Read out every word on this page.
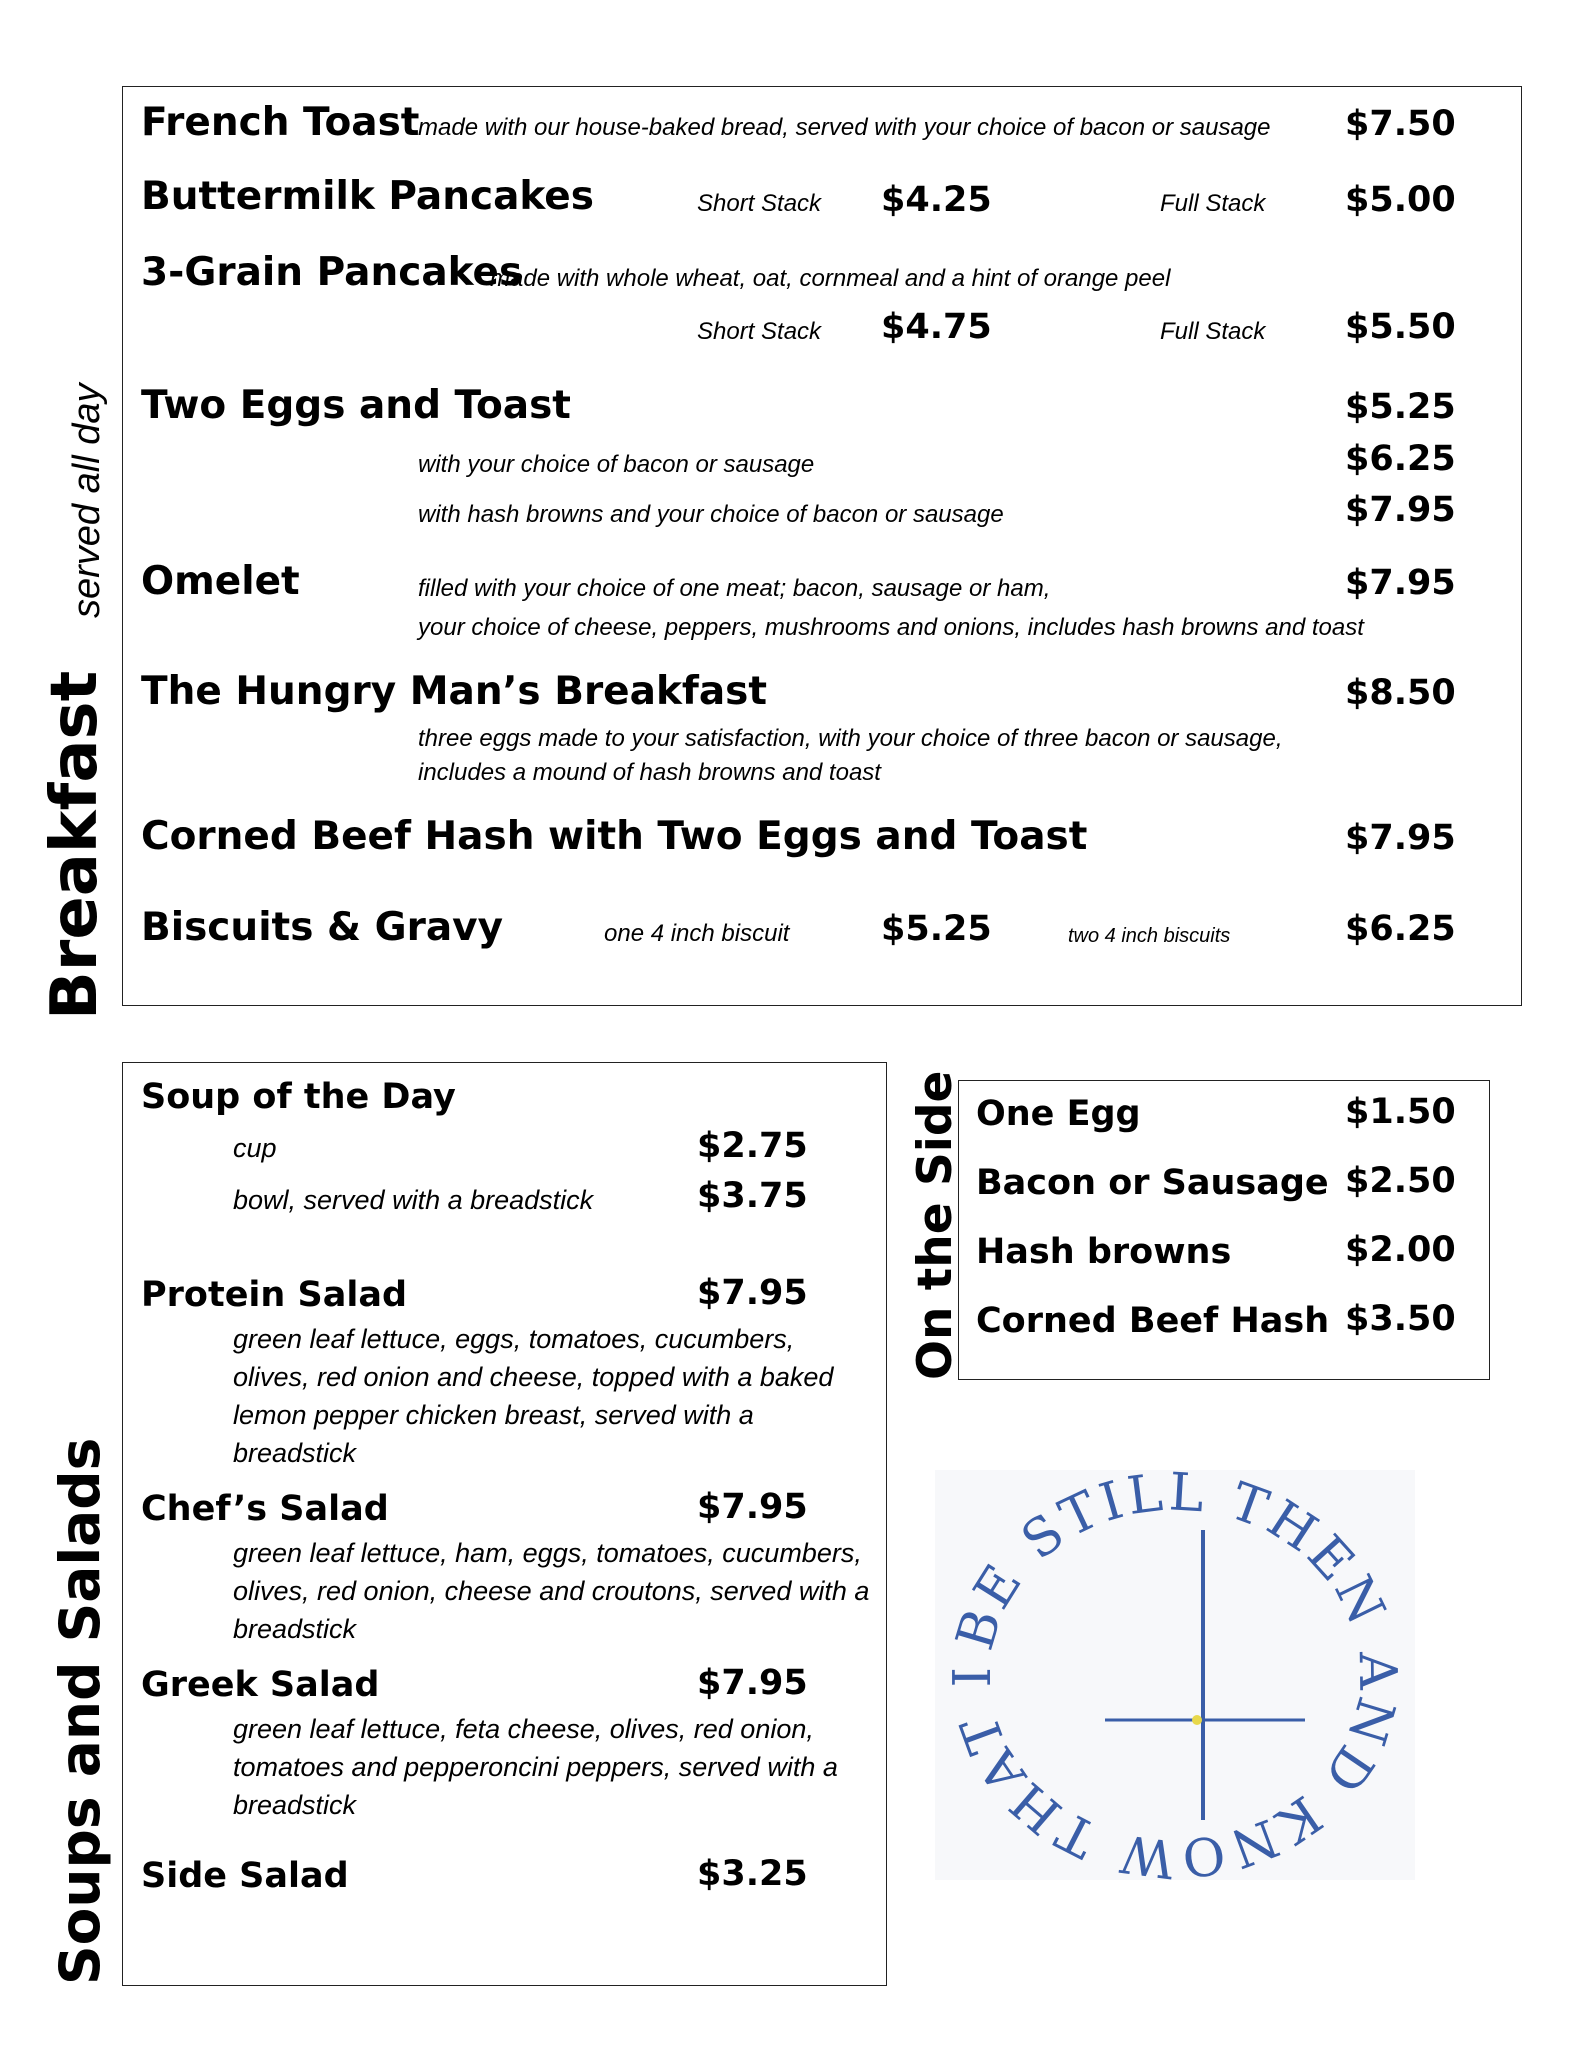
Breakfast
served all day
French Toast
made with our house-baked bread, served with your choice of bacon or sausage $7.50
Buttermilk Pancakes	Short Stack $4.25	Full Stack $5.00
3-Grain Pancakes
made with whole wheat, oat, cornmeal and a hint of orange peel
Short Stack $4.75	Full Stack $5.50
Two Eggs and Toast	$5.25
with your choice of bacon or sausage	$6.25
with hash browns and your choice of bacon or sausage	$7.95
Omelet	filled with your choice of one meat; bacon, sausage or ham,
your choice of cheese, peppers, mushrooms and onions, includes hash browns and toast
$7.95
The Hungry Man’s Breakfast	$8.50
three eggs made to your satisfaction, with your choice of three bacon or sausage,
includes a mound of hash browns and toast
Corned Beef Hash with Two Eggs and Toast	$7.95
Biscuits & Gravy	one 4 inch biscuit	$5.25	two 4 inch biscuits	$6.25
Soups and Salads
Soup of the Day
cup	$2.75
bowl, served with a breadstick	$3.75
Protein Salad	$7.95
green leaf lettuce, eggs, tomatoes, cucumbers, olives, red onion and cheese, topped with a baked lemon pepper chicken breast, served with a breadstick
Chef’s Salad	$7.95
green leaf lettuce, ham, eggs, tomatoes, cucumbers, olives, red onion, cheese and croutons, served with a breadstick
Greek Salad	$7.95
green leaf lettuce, feta cheese, olives, red onion, tomatoes and pepperoncini peppers, served with a breadstick
Side Salad	$3.25
On the Side One Egg	$1.50
Bacon or Sausage $2.50
Hash browns	$2.00
Corned Beef Hash $3.50
BE STILL THEN AND KNOW THAT I
